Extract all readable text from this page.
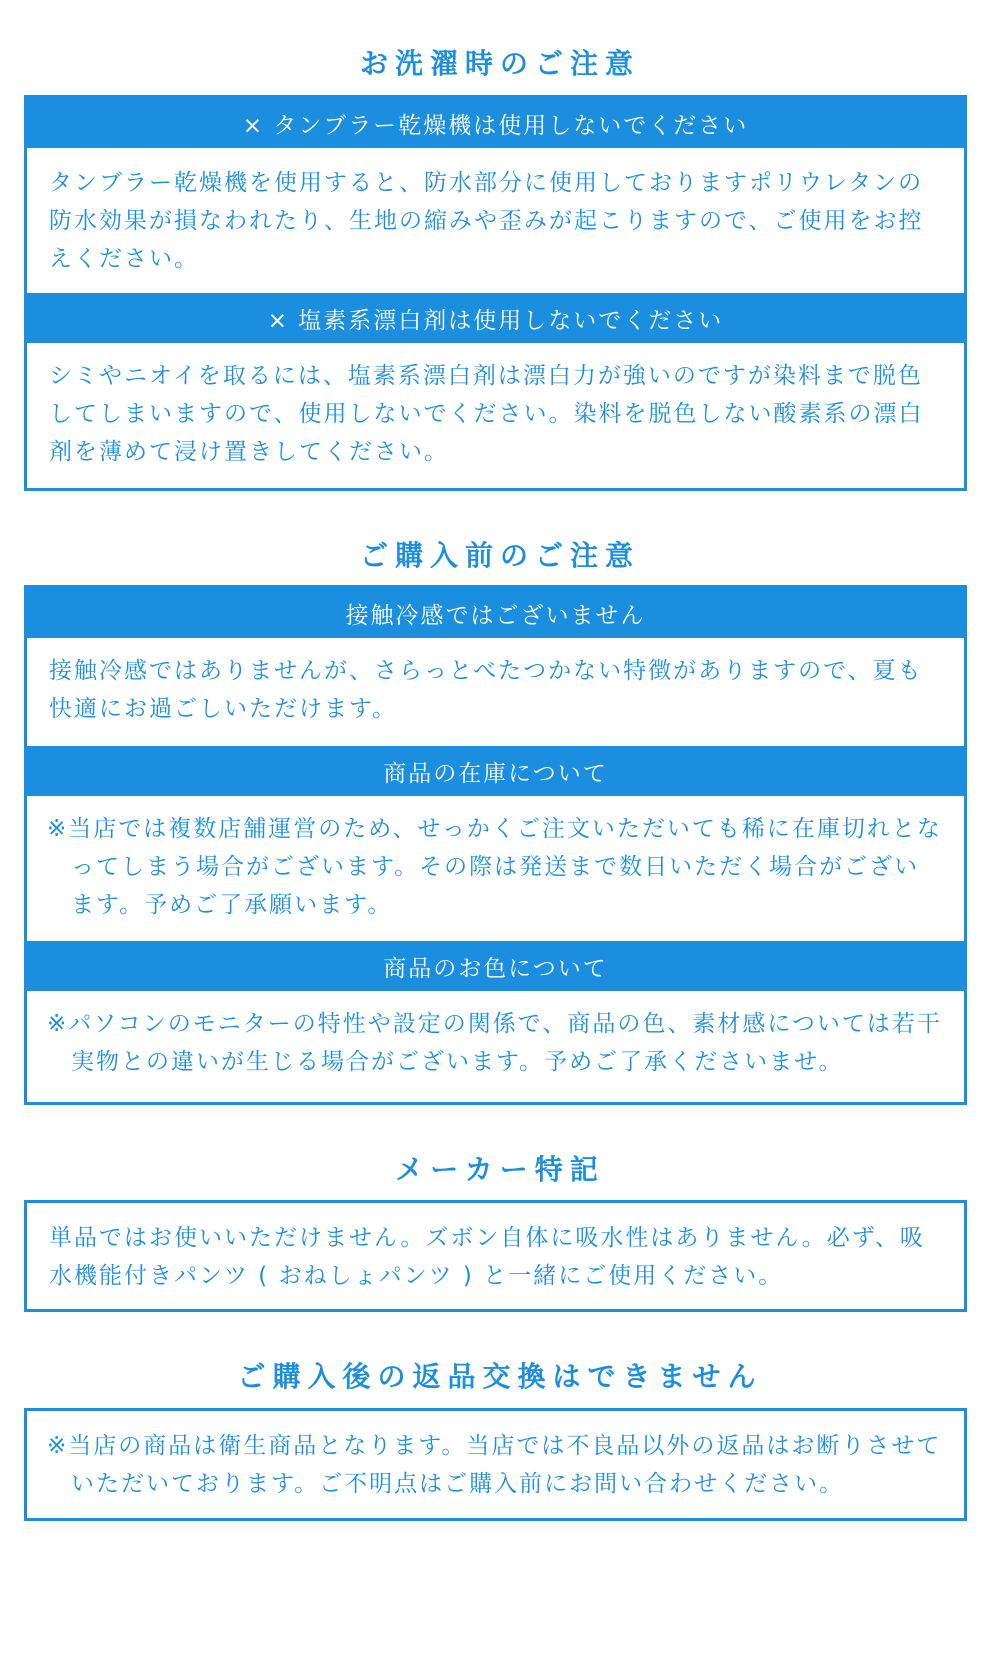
お洗濯時のご注意
× タンブラー乾燥機は使用しないでください
タンブラー乾燥機を使用すると、防水部分に使用しておりますポリウレタンの防水効果が損なわれたり、生地の縮みや歪みが起こりますので、ご使用をお控えください。
× 塩素系漂白剤は使用しないでください
シミやニオイを取るには、塩素系漂白剤は漂白力が強いのですが染料まで脱色してしまいますので、使用しないでください。染料を脱色しない酸素系の漂白剤を薄めて浸け置きしてください。
ご購入前のご注意
接触冷感ではございません
接触冷感ではありませんが、さらっとべたつかない特徴がありますので、夏も快適にお過ごしいただけます。
商品の在庫について
※当店では複数店舗運営のため、せっかくご注文いただいても稀に在庫切れとなってしまう場合がございます。その際は発送まで数日いただく場合がございます。予めご了承願います。
商品のお色について
※パソコンのモニターの特性や設定の関係で、商品の色、素材感については若干実物との違いが生じる場合がございます。予めご了承くださいませ。
メーカー特記
単品ではお使いいただけません。ズボン自体に吸水性はありません。必ず、吸水機能付きパンツ ( おねしょパンツ ) と一緒にご使用ください。
ご購入後の返品交換はできません
※当店の商品は衛生商品となります。当店では不良品以外の返品はお断りさせていただいております。ご不明点はご購入前にお問い合わせください。
